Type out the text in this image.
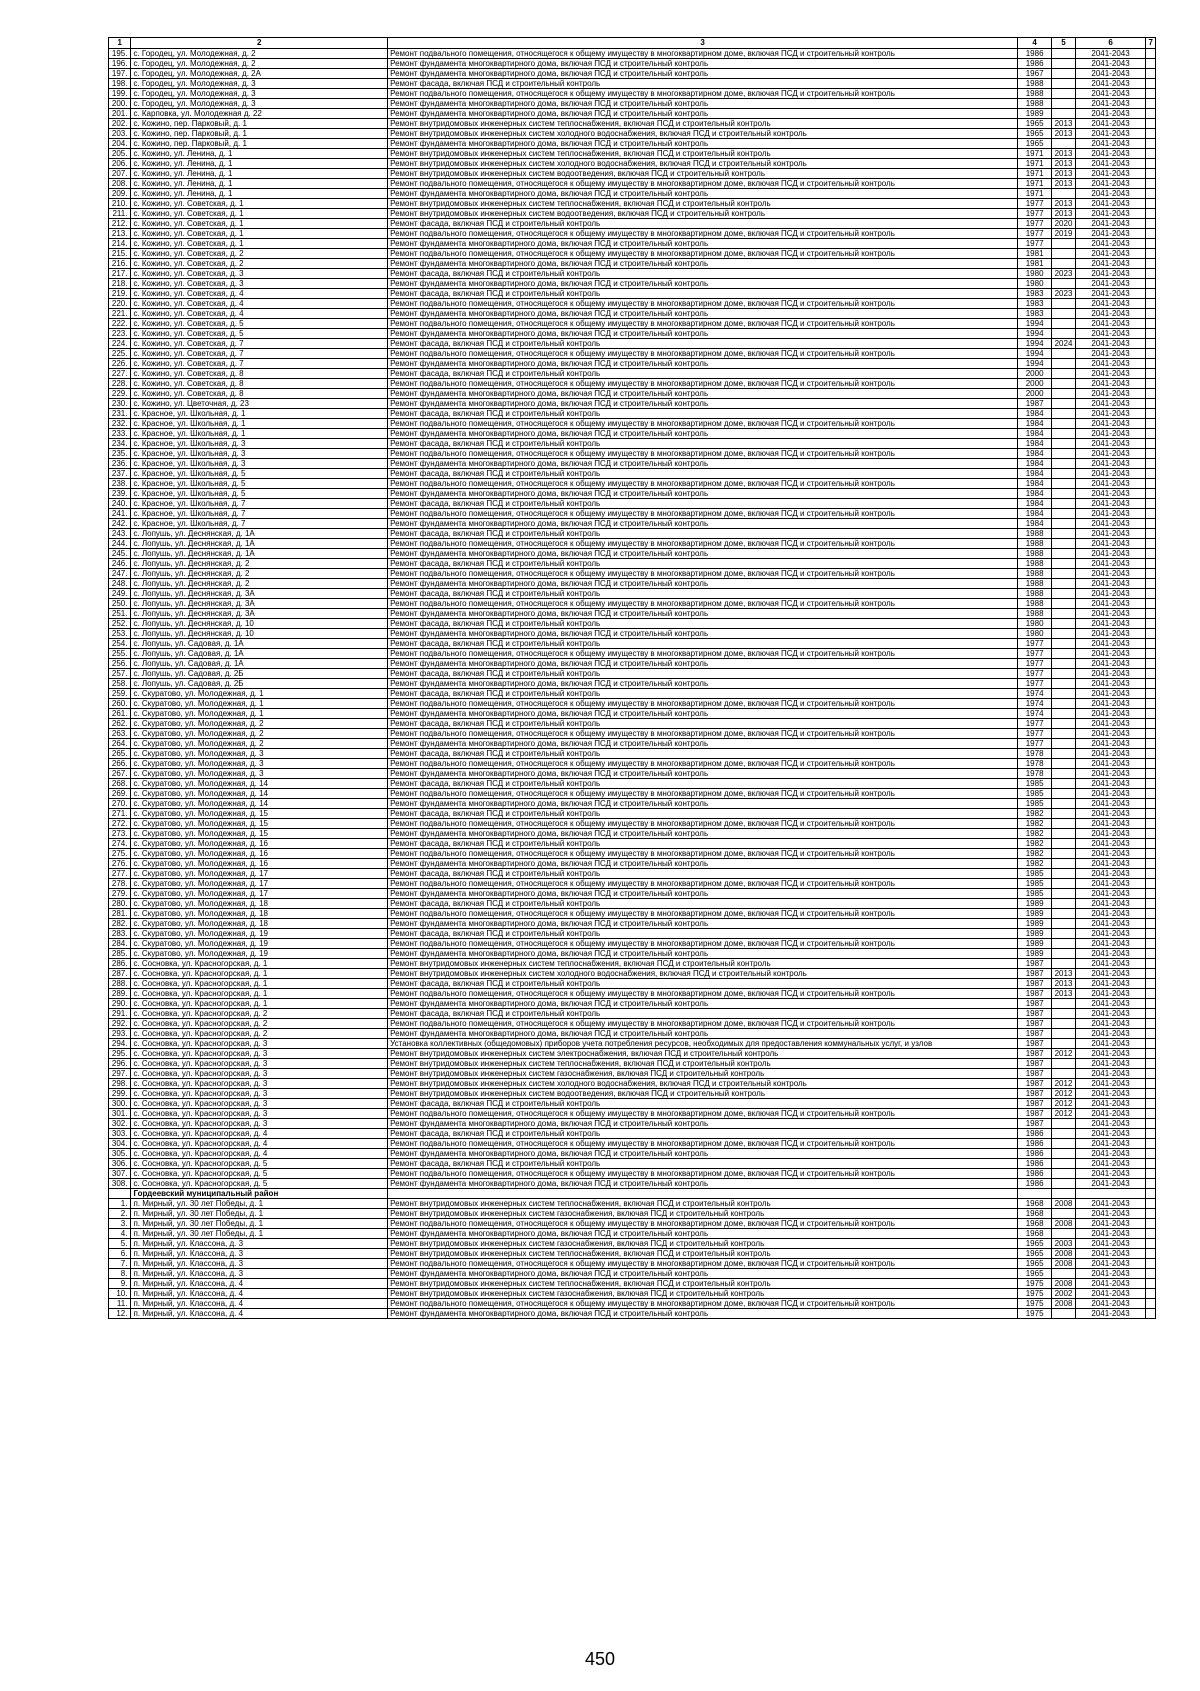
1	2	3	4	5	6	7
195.	с. Городец, ул. Молодежная, д. 2	Ремонт подвального помещения, относящегося к общему имуществу в многоквартирном доме, включая ПСД и строительный контроль	1986		2041-2043	
196.	с. Городец, ул. Молодежная, д. 2	Ремонт фундамента многоквартирного дома, включая ПСД и строительный контроль	1986		2041-2043	
197.	с. Городец, ул. Молодежная, д. 2А	Ремонт фундамента многоквартирного дома, включая ПСД и строительный контроль	1967		2041-2043	
198.	с. Городец, ул. Молодежная, д. 3	Ремонт фасада, включая ПСД и строительный контроль	1988		2041-2043	
199.	с. Городец, ул. Молодежная, д. 3	Ремонт подвального помещения, относящегося к общему имуществу в многоквартирном доме, включая ПСД и строительный контроль	1988		2041-2043	
200.	с. Городец, ул. Молодежная, д. 3	Ремонт фундамента многоквартирного дома, включая ПСД и строительный контроль	1988		2041-2043	
201.	с. Карповка, ул. Молодежная д. 22	Ремонт фундамента многоквартирного дома, включая ПСД и строительный контроль	1989		2041-2043	
202.	с. Кожино, пер. Парковый, д. 1	Ремонт внутридомовых инженерных систем теплоснабжения, включая ПСД и строительный контроль	1965	2013	2041-2043	
203.	с. Кожино, пер. Парковый, д. 1	Ремонт внутридомовых инженерных систем холодного водоснабжения, включая ПСД и строительный контроль	1965	2013	2041-2043	
204.	с. Кожино, пер. Парковый, д. 1	Ремонт фундамента многоквартирного дома, включая ПСД и строительный контроль	1965		2041-2043	
205.	с. Кожино, ул. Ленина, д. 1	Ремонт внутридомовых инженерных систем теплоснабжения, включая ПСД и строительный контроль	1971	2013	2041-2043	
206.	с. Кожино, ул. Ленина, д. 1	Ремонт внутридомовых инженерных систем холодного водоснабжения, включая ПСД и строительный контроль	1971	2013	2041-2043	
207.	с. Кожино, ул. Ленина, д. 1	Ремонт внутридомовых инженерных систем водоотведения, включая ПСД и строительный контроль	1971	2013	2041-2043	
208.	с. Кожино, ул. Ленина, д. 1	Ремонт подвального помещения, относящегося к общему имуществу в многоквартирном доме, включая ПСД и строительный контроль	1971	2013	2041-2043	
209.	с. Кожино, ул. Ленина, д. 1	Ремонт фундамента многоквартирного дома, включая ПСД и строительный контроль	1971		2041-2043	
210.	с. Кожино, ул. Советская, д. 1	Ремонт внутридомовых инженерных систем теплоснабжения, включая ПСД и строительный контроль	1977	2013	2041-2043	
211.	с. Кожино, ул. Советская, д. 1	Ремонт внутридомовых инженерных систем водоотведения, включая ПСД и строительный контроль	1977	2013	2041-2043	
212.	с. Кожино, ул. Советская, д. 1	Ремонт фасада, включая ПСД и строительный контроль	1977	2020	2041-2043	
213.	с. Кожино, ул. Советская, д. 1	Ремонт подвального помещения, относящегося к общему имуществу в многоквартирном доме, включая ПСД и строительный контроль	1977	2019	2041-2043	
214.	с. Кожино, ул. Советская, д. 1	Ремонт фундамента многоквартирного дома, включая ПСД и строительный контроль	1977		2041-2043	
215.	с. Кожино, ул. Советская, д. 2	Ремонт подвального помещения, относящегося к общему имуществу в многоквартирном доме, включая ПСД и строительный контроль	1981		2041-2043	
216.	с. Кожино, ул. Советская, д. 2	Ремонт фундамента многоквартирного дома, включая ПСД и строительный контроль	1981		2041-2043	
217.	с. Кожино, ул. Советская, д. 3	Ремонт фасада, включая ПСД и строительный контроль	1980	2023	2041-2043	
218.	с. Кожино, ул. Советская, д. 3	Ремонт фундамента многоквартирного дома, включая ПСД и строительный контроль	1980		2041-2043	
219.	с. Кожино, ул. Советская, д. 4	Ремонт фасада, включая ПСД и строительный контроль	1983	2023	2041-2043	
220.	с. Кожино, ул. Советская, д. 4	Ремонт подвального помещения, относящегося к общему имуществу в многоквартирном доме, включая ПСД и строительный контроль	1983		2041-2043	
221.	с. Кожино, ул. Советская, д. 4	Ремонт фундамента многоквартирного дома, включая ПСД и строительный контроль	1983		2041-2043	
222.	с. Кожино, ул. Советская, д. 5	Ремонт подвального помещения, относящегося к общему имуществу в многоквартирном доме, включая ПСД и строительный контроль	1994		2041-2043	
223.	с. Кожино, ул. Советская, д. 5	Ремонт фундамента многоквартирного дома, включая ПСД и строительный контроль	1994		2041-2043	
224.	с. Кожино, ул. Советская, д. 7	Ремонт фасада, включая ПСД и строительный контроль	1994	2024	2041-2043	
225.	с. Кожино, ул. Советская, д. 7	Ремонт подвального помещения, относящегося к общему имуществу в многоквартирном доме, включая ПСД и строительный контроль	1994		2041-2043	
226.	с. Кожино, ул. Советская, д. 7	Ремонт фундамента многоквартирного дома, включая ПСД и строительный контроль	1994		2041-2043	
227.	с. Кожино, ул. Советская, д. 8	Ремонт фасада, включая ПСД и строительный контроль	2000		2041-2043	
228.	с. Кожино, ул. Советская, д. 8	Ремонт подвального помещения, относящегося к общему имуществу в многоквартирном доме, включая ПСД и строительный контроль	2000		2041-2043	
229.	с. Кожино, ул. Советская, д. 8	Ремонт фундамента многоквартирного дома, включая ПСД и строительный контроль	2000		2041-2043	
230.	с. Кожино, ул. Цветочная, д. 23	Ремонт фундамента многоквартирного дома, включая ПСД и строительный контроль	1987		2041-2043	
231.	с. Красное, ул. Школьная, д. 1	Ремонт фасада, включая ПСД и строительный контроль	1984		2041-2043	
232.	с. Красное, ул. Школьная, д. 1	Ремонт подвального помещения, относящегося к общему имуществу в многоквартирном доме, включая ПСД и строительный контроль	1984		2041-2043	
233.	с. Красное, ул. Школьная, д. 1	Ремонт фундамента многоквартирного дома, включая ПСД и строительный контроль	1984		2041-2043	
234.	с. Красное, ул. Школьная, д. 3	Ремонт фасада, включая ПСД и строительный контроль	1984		2041-2043	
235.	с. Красное, ул. Школьная, д. 3	Ремонт подвального помещения, относящегося к общему имуществу в многоквартирном доме, включая ПСД и строительный контроль	1984		2041-2043	
236.	с. Красное, ул. Школьная, д. 3	Ремонт фундамента многоквартирного дома, включая ПСД и строительный контроль	1984		2041-2043	
237.	с. Красное, ул. Школьная, д. 5	Ремонт фасада, включая ПСД и строительный контроль	1984		2041-2043	
238.	с. Красное, ул. Школьная, д. 5	Ремонт подвального помещения, относящегося к общему имуществу в многоквартирном доме, включая ПСД и строительный контроль	1984		2041-2043	
239.	с. Красное, ул. Школьная, д. 5	Ремонт фундамента многоквартирного дома, включая ПСД и строительный контроль	1984		2041-2043	
240.	с. Красное, ул. Школьная, д. 7	Ремонт фасада, включая ПСД и строительный контроль	1984		2041-2043	
241.	с. Красное, ул. Школьная, д. 7	Ремонт подвального помещения, относящегося к общему имуществу в многоквартирном доме, включая ПСД и строительный контроль	1984		2041-2043	
242.	с. Красное, ул. Школьная, д. 7	Ремонт фундамента многоквартирного дома, включая ПСД и строительный контроль	1984		2041-2043	
243.	с. Лопушь, ул. Деснянская, д. 1А	Ремонт фасада, включая ПСД и строительный контроль	1988		2041-2043	
244.	с. Лопушь, ул. Деснянская, д. 1А	Ремонт подвального помещения, относящегося к общему имуществу в многоквартирном доме, включая ПСД и строительный контроль	1988		2041-2043	
245.	с. Лопушь, ул. Деснянская, д. 1А	Ремонт фундамента многоквартирного дома, включая ПСД и строительный контроль	1988		2041-2043	
246.	с. Лопушь, ул. Деснянская, д. 2	Ремонт фасада, включая ПСД и строительный контроль	1988		2041-2043	
247.	с. Лопушь, ул. Деснянская, д. 2	Ремонт подвального помещения, относящегося к общему имуществу в многоквартирном доме, включая ПСД и строительный контроль	1988		2041-2043	
248.	с. Лопушь, ул. Деснянская, д. 2	Ремонт фундамента многоквартирного дома, включая ПСД и строительный контроль	1988		2041-2043	
249.	с. Лопушь, ул. Деснянская, д. 3А	Ремонт фасада, включая ПСД и строительный контроль	1988		2041-2043	
250.	с. Лопушь, ул. Деснянская, д. 3А	Ремонт подвального помещения, относящегося к общему имуществу в многоквартирном доме, включая ПСД и строительный контроль	1988		2041-2043	
251.	с. Лопушь, ул. Деснянская, д. 3А	Ремонт фундамента многоквартирного дома, включая ПСД и строительный контроль	1988		2041-2043	
252.	с. Лопушь, ул. Деснянская, д. 10	Ремонт фасада, включая ПСД и строительный контроль	1980		2041-2043	
253.	с. Лопушь, ул. Деснянская, д. 10	Ремонт фундамента многоквартирного дома, включая ПСД и строительный контроль	1980		2041-2043	
254.	с. Лопушь, ул. Садовая, д. 1А	Ремонт фасада, включая ПСД и строительный контроль	1977		2041-2043	
255.	с. Лопушь, ул. Садовая, д. 1А	Ремонт подвального помещения, относящегося к общему имуществу в многоквартирном доме, включая ПСД и строительный контроль	1977		2041-2043	
256.	с. Лопушь, ул. Садовая, д. 1А	Ремонт фундамента многоквартирного дома, включая ПСД и строительный контроль	1977		2041-2043	
257.	с. Лопушь, ул. Садовая, д. 2Б	Ремонт фасада, включая ПСД и строительный контроль	1977		2041-2043	
258.	с. Лопушь, ул. Садовая, д. 2Б	Ремонт фундамента многоквартирного дома, включая ПСД и строительный контроль	1977		2041-2043	
259.	с. Скуратово, ул. Молодежная, д. 1	Ремонт фасада, включая ПСД и строительный контроль	1974		2041-2043	
260.	с. Скуратово, ул. Молодежная, д. 1	Ремонт подвального помещения, относящегося к общему имуществу в многоквартирном доме, включая ПСД и строительный контроль	1974		2041-2043	
261.	с. Скуратово, ул. Молодежная, д. 1	Ремонт фундамента многоквартирного дома, включая ПСД и строительный контроль	1974		2041-2043	
262.	с. Скуратово, ул. Молодежная, д. 2	Ремонт фасада, включая ПСД и строительный контроль	1977		2041-2043	
263.	с. Скуратово, ул. Молодежная, д. 2	Ремонт подвального помещения, относящегося к общему имуществу в многоквартирном доме, включая ПСД и строительный контроль	1977		2041-2043	
264.	с. Скуратово, ул. Молодежная, д. 2	Ремонт фундамента многоквартирного дома, включая ПСД и строительный контроль	1977		2041-2043	
265.	с. Скуратово, ул. Молодежная, д. 3	Ремонт фасада, включая ПСД и строительный контроль	1978		2041-2043	
266.	с. Скуратово, ул. Молодежная, д. 3	Ремонт подвального помещения, относящегося к общему имуществу в многоквартирном доме, включая ПСД и строительный контроль	1978		2041-2043	
267.	с. Скуратово, ул. Молодежная, д. 3	Ремонт фундамента многоквартирного дома, включая ПСД и строительный контроль	1978		2041-2043	
268.	с. Скуратово, ул. Молодежная, д. 14	Ремонт фасада, включая ПСД и строительный контроль	1985		2041-2043	
269.	с. Скуратово, ул. Молодежная, д. 14	Ремонт подвального помещения, относящегося к общему имуществу в многоквартирном доме, включая ПСД и строительный контроль	1985		2041-2043	
270.	с. Скуратово, ул. Молодежная, д. 14	Ремонт фундамента многоквартирного дома, включая ПСД и строительный контроль	1985		2041-2043	
271.	с. Скуратово, ул. Молодежная, д. 15	Ремонт фасада, включая ПСД и строительный контроль	1982		2041-2043	
272.	с. Скуратово, ул. Молодежная, д. 15	Ремонт подвального помещения, относящегося к общему имуществу в многоквартирном доме, включая ПСД и строительный контроль	1982		2041-2043	
273.	с. Скуратово, ул. Молодежная, д. 15	Ремонт фундамента многоквартирного дома, включая ПСД и строительный контроль	1982		2041-2043	
274.	с. Скуратово, ул. Молодежная, д. 16	Ремонт фасада, включая ПСД и строительный контроль	1982		2041-2043	
275.	с. Скуратово, ул. Молодежная, д. 16	Ремонт подвального помещения, относящегося к общему имуществу в многоквартирном доме, включая ПСД и строительный контроль	1982		2041-2043	
276.	с. Скуратово, ул. Молодежная, д. 16	Ремонт фундамента многоквартирного дома, включая ПСД и строительный контроль	1982		2041-2043	
277.	с. Скуратово, ул. Молодежная, д. 17	Ремонт фасада, включая ПСД и строительный контроль	1985		2041-2043	
278.	с. Скуратово, ул. Молодежная, д. 17	Ремонт подвального помещения, относящегося к общему имуществу в многоквартирном доме, включая ПСД и строительный контроль	1985		2041-2043	
279.	с. Скуратово, ул. Молодежная, д. 17	Ремонт фундамента многоквартирного дома, включая ПСД и строительный контроль	1985		2041-2043	
280.	с. Скуратово, ул. Молодежная, д. 18	Ремонт фасада, включая ПСД и строительный контроль	1989		2041-2043	
281.	с. Скуратово, ул. Молодежная, д. 18	Ремонт подвального помещения, относящегося к общему имуществу в многоквартирном доме, включая ПСД и строительный контроль	1989		2041-2043	
282.	с. Скуратово, ул. Молодежная, д. 18	Ремонт фундамента многоквартирного дома, включая ПСД и строительный контроль	1989		2041-2043	
283.	с. Скуратово, ул. Молодежная, д. 19	Ремонт фасада, включая ПСД и строительный контроль	1989		2041-2043	
284.	с. Скуратово, ул. Молодежная, д. 19	Ремонт подвального помещения, относящегося к общему имуществу в многоквартирном доме, включая ПСД и строительный контроль	1989		2041-2043	
285.	с. Скуратово, ул. Молодежная, д. 19	Ремонт фундамента многоквартирного дома, включая ПСД и строительный контроль	1989		2041-2043	
286.	с. Сосновка, ул. Красногорская, д. 1	Ремонт внутридомовых инженерных систем теплоснабжения, включая ПСД и строительный контроль	1987		2041-2043	
287.	с. Сосновка, ул. Красногорская, д. 1	Ремонт внутридомовых инженерных систем холодного водоснабжения, включая ПСД и строительный контроль	1987	2013	2041-2043	
288.	с. Сосновка, ул. Красногорская, д. 1	Ремонт фасада, включая ПСД и строительный контроль	1987	2013	2041-2043	
289.	с. Сосновка, ул. Красногорская, д. 1	Ремонт подвального помещения, относящегося к общему имуществу в многоквартирном доме, включая ПСД и строительный контроль	1987	2013	2041-2043	
290.	с. Сосновка, ул. Красногорская, д. 1	Ремонт фундамента многоквартирного дома, включая ПСД и строительный контроль	1987		2041-2043	
291.	с. Сосновка, ул. Красногорская, д. 2	Ремонт фасада, включая ПСД и строительный контроль	1987		2041-2043	
292.	с. Сосновка, ул. Красногорская, д. 2	Ремонт подвального помещения, относящегося к общему имуществу в многоквартирном доме, включая ПСД и строительный контроль	1987		2041-2043	
293.	с. Сосновка, ул. Красногорская, д. 2	Ремонт фундамента многоквартирного дома, включая ПСД и строительный контроль	1987		2041-2043	
294.	с. Сосновка, ул. Красногорская, д. 3	Установка коллективных (общедомовых) приборов учета потребления ресурсов, необходимых для предоставления коммунальных услуг, и узлов	1987		2041-2043	
295.	с. Сосновка, ул. Красногорская, д. 3	Ремонт внутридомовых инженерных систем электроснабжения, включая ПСД и строительный контроль	1987	2012	2041-2043	
296.	с. Сосновка, ул. Красногорская, д. 3	Ремонт внутридомовых инженерных систем теплоснабжения, включая ПСД и строительный контроль	1987		2041-2043	
297.	с. Сосновка, ул. Красногорская, д. 3	Ремонт внутридомовых инженерных систем газоснабжения, включая ПСД и строительный контроль	1987		2041-2043	
298.	с. Сосновка, ул. Красногорская, д. 3	Ремонт внутридомовых инженерных систем холодного водоснабжения, включая ПСД и строительный контроль	1987	2012	2041-2043	
299.	с. Сосновка, ул. Красногорская, д. 3	Ремонт внутридомовых инженерных систем водоотведения, включая ПСД и строительный контроль	1987	2012	2041-2043	
300.	с. Сосновка, ул. Красногорская, д. 3	Ремонт фасада, включая ПСД и строительный контроль	1987	2012	2041-2043	
301.	с. Сосновка, ул. Красногорская, д. 3	Ремонт подвального помещения, относящегося к общему имуществу в многоквартирном доме, включая ПСД и строительный контроль	1987	2012	2041-2043	
302.	с. Сосновка, ул. Красногорская, д. 3	Ремонт фундамента многоквартирного дома, включая ПСД и строительный контроль	1987		2041-2043	
303.	с. Сосновка, ул. Красногорская, д. 4	Ремонт фасада, включая ПСД и строительный контроль	1986		2041-2043	
304.	с. Сосновка, ул. Красногорская, д. 4	Ремонт подвального помещения, относящегося к общему имуществу в многоквартирном доме, включая ПСД и строительный контроль	1986		2041-2043	
305.	с. Сосновка, ул. Красногорская, д. 4	Ремонт фундамента многоквартирного дома, включая ПСД и строительный контроль	1986		2041-2043	
306.	с. Сосновка, ул. Красногорская, д. 5	Ремонт фасада, включая ПСД и строительный контроль	1986		2041-2043	
307.	с. Сосновка, ул. Красногорская, д. 5	Ремонт подвального помещения, относящегося к общему имуществу в многоквартирном доме, включая ПСД и строительный контроль	1986		2041-2043	
308.	с. Сосновка, ул. Красногорская, д. 5	Ремонт фундамента многоквартирного дома, включая ПСД и строительный контроль	1986		2041-2043	
	Гордеевский муниципальный район					
1.	п. Мирный, ул. 30 лет Победы, д. 1	Ремонт внутридомовых инженерных систем теплоснабжения, включая ПСД и строительный контроль	1968	2008	2041-2043	
2.	п. Мирный, ул. 30 лет Победы, д. 1	Ремонт внутридомовых инженерных систем газоснабжения, включая ПСД и строительный контроль	1968		2041-2043	
3.	п. Мирный, ул. 30 лет Победы, д. 1	Ремонт подвального помещения, относящегося к общему имуществу в многоквартирном доме, включая ПСД и строительный контроль	1968	2008	2041-2043	
4.	п. Мирный, ул. 30 лет Победы, д. 1	Ремонт фундамента многоквартирного дома, включая ПСД и строительный контроль	1968		2041-2043	
5.	п. Мирный, ул. Классона, д. 3	Ремонт внутридомовых инженерных систем газоснабжения, включая ПСД и строительный контроль	1965	2003	2041-2043	
6.	п. Мирный, ул. Классона, д. 3	Ремонт внутридомовых инженерных систем теплоснабжения, включая ПСД и строительный контроль	1965	2008	2041-2043	
7.	п. Мирный, ул. Классона, д. 3	Ремонт подвального помещения, относящегося к общему имуществу в многоквартирном доме, включая ПСД и строительный контроль	1965	2008	2041-2043	
8.	п. Мирный, ул. Классона, д. 3	Ремонт фундамента многоквартирного дома, включая ПСД и строительный контроль	1965		2041-2043	
9.	п. Мирный, ул. Классона, д. 4	Ремонт внутридомовых инженерных систем теплоснабжения, включая ПСД и строительный контроль	1975	2008	2041-2043	
10.	п. Мирный, ул. Классона, д. 4	Ремонт внутридомовых инженерных систем газоснабжения, включая ПСД и строительный контроль	1975	2002	2041-2043	
11.	п. Мирный, ул. Классона, д. 4	Ремонт подвального помещения, относящегося к общему имуществу в многоквартирном доме, включая ПСД и строительный контроль	1975	2008	2041-2043	
12.	п. Мирный, ул. Классона, д. 4	Ремонт фундамента многоквартирного дома, включая ПСД и строительный контроль	1975		2041-2043	
450
